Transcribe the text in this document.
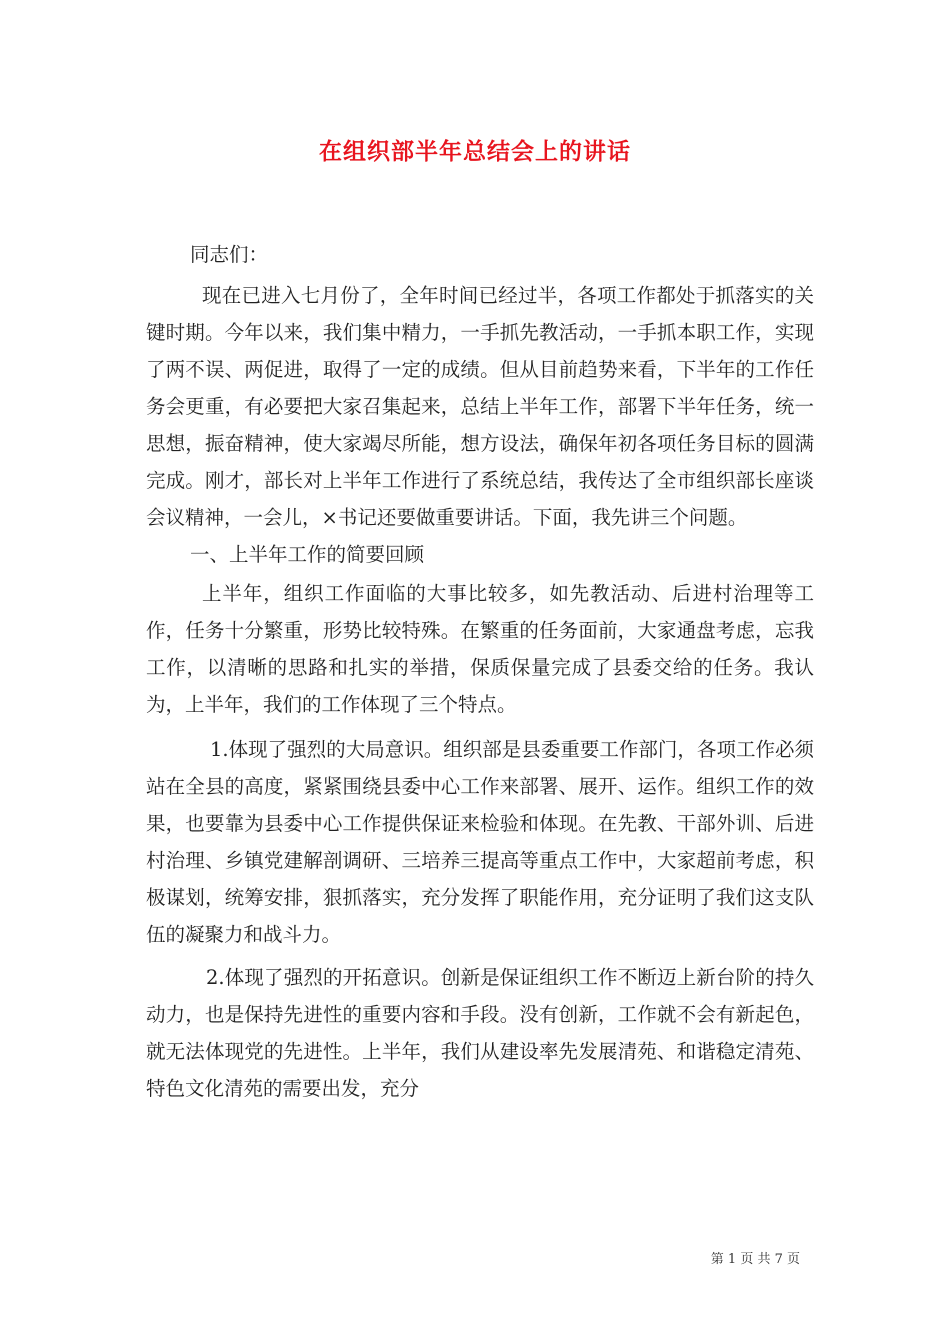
在组织部半年总结会上的讲话

同志们：

现在已进入七月份了，全年时间已经过半，各项工作都处于抓落实的关键时期。今年以来，我们集中精力，一手抓先教活动，一手抓本职工作，实现了两不误、两促进，取得了一定的成绩。但从目前趋势来看，下半年的工作任务会更重，有必要把大家召集起来，总结上半年工作，部署下半年任务，统一思想，振奋精神，使大家竭尽所能，想方设法，确保年初各项任务目标的圆满完成。刚才，部长对上半年工作进行了系统总结，我传达了全市组织部长座谈会议精神，一会儿，×书记还要做重要讲话。下面，我先讲三个问题。

一、上半年工作的简要回顾

上半年，组织工作面临的大事比较多，如先教活动、后进村治理等工作，任务十分繁重，形势比较特殊。在繁重的任务面前，大家通盘考虑，忘我工作，以清晰的思路和扎实的举措，保质保量完成了县委交给的任务。我认为，上半年，我们的工作体现了三个特点。

1.体现了强烈的大局意识。组织部是县委重要工作部门，各项工作必须站在全县的高度，紧紧围绕县委中心工作来部署、展开、运作。组织工作的效果，也要靠为县委中心工作提供保证来检验和体现。在先教、干部外训、后进村治理、乡镇党建解剖调研、三培养三提高等重点工作中，大家超前考虑，积极谋划，统筹安排，狠抓落实，充分发挥了职能作用，充分证明了我们这支队伍的凝聚力和战斗力。

2.体现了强烈的开拓意识。创新是保证组织工作不断迈上新台阶的持久动力，也是保持先进性的重要内容和手段。没有创新，工作就不会有新起色，就无法体现党的先进性。上半年，我们从建设率先发展清苑、和谐稳定清苑、特色文化清苑的需要出发，充分

第 1 页 共 7 页
